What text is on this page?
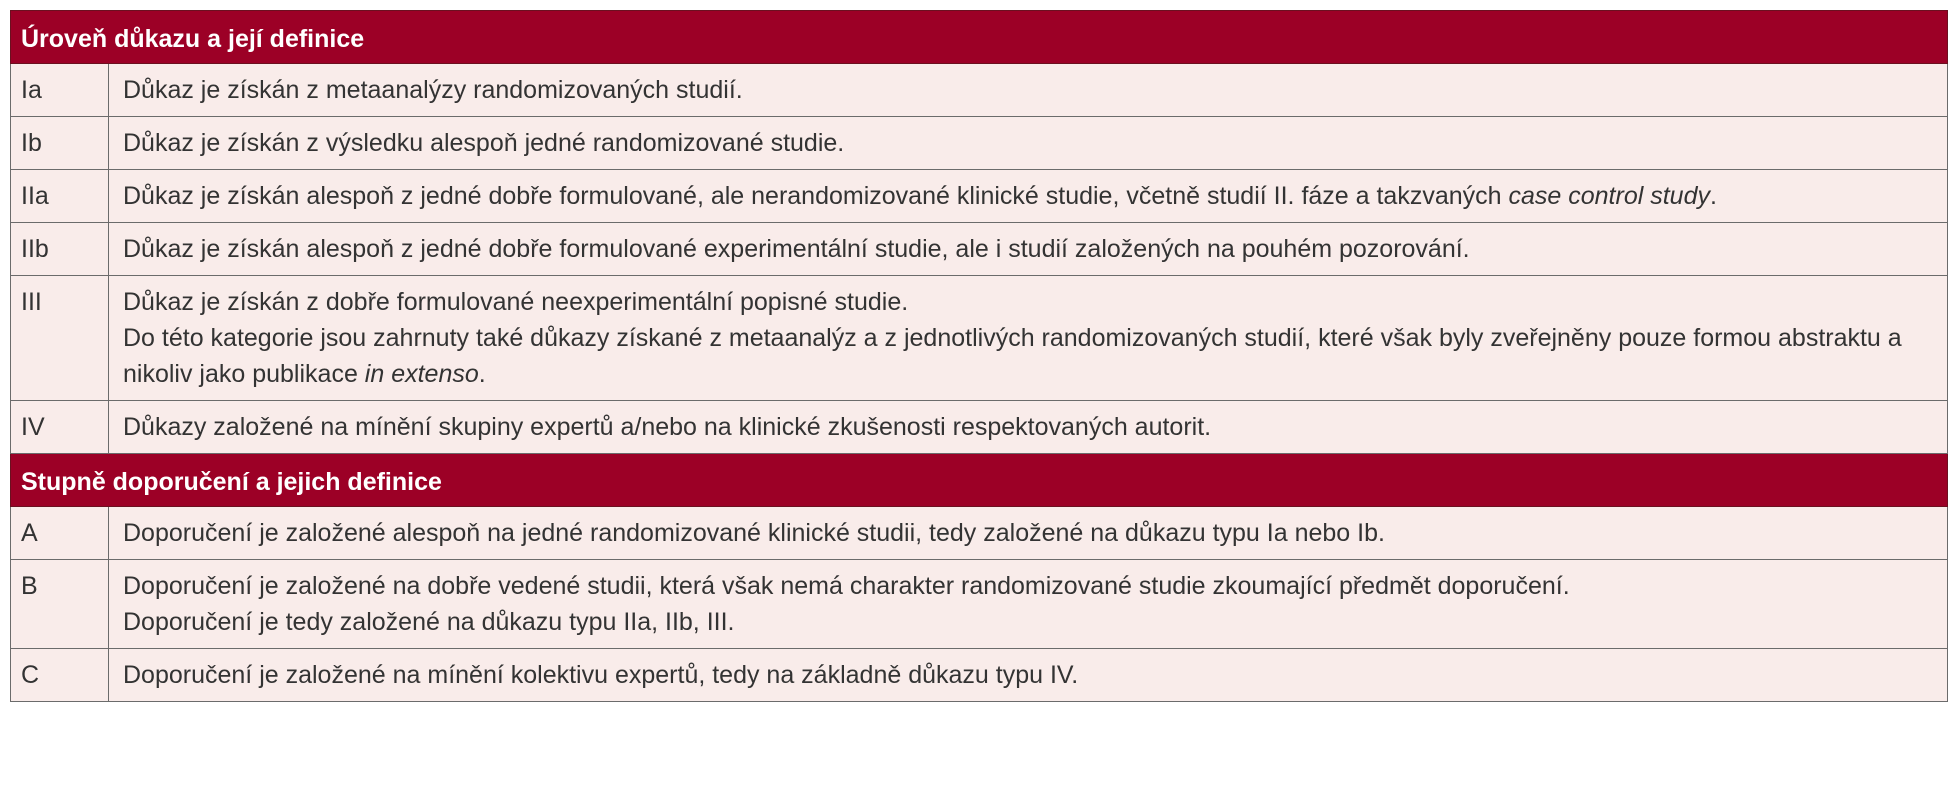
Úroveň důkazu a její definice	
Ia	Důkaz je získán z metaanalýzy randomizovaných studií.

Ib	Důkaz je získán z výsledku alespoň jedné randomizované studie.

IIa	Důkaz je získán alespoň z jedné dobře formulované, ale nerandomizované klinické studie, včetně studií II. fáze a takzvaných case control study.

IIb	Důkaz je získán alespoň z jedné dobře formulované experimentální studie, ale i studií založených na pouhém pozorování.

III	Důkaz je získán z dobře formulované neexperimentální popisné studie.
Do této kategorie jsou zahrnuty také důkazy získané z metaanalýz a z jednotlivých randomizovaných studií, které však byly zveřejněny pouze formou abstraktu a nikoliv jako publikace in extenso.

IV	Důkazy založené na mínění skupiny expertů a/nebo na klinické zkušenosti respektovaných autorit.

Stupně doporučení a jejich definice	
A	Doporučení je založené alespoň na jedné randomizované klinické studii, tedy založené na důkazu typu Ia nebo Ib.

B	Doporučení je založené na dobře vedené studii, která však nemá charakter randomizované studie zkoumající předmět doporučení.
Doporučení je tedy založené na důkazu typu IIa, IIb, III.

C	Doporučení je založené na mínění kolektivu expertů, tedy na základně důkazu typu IV.
